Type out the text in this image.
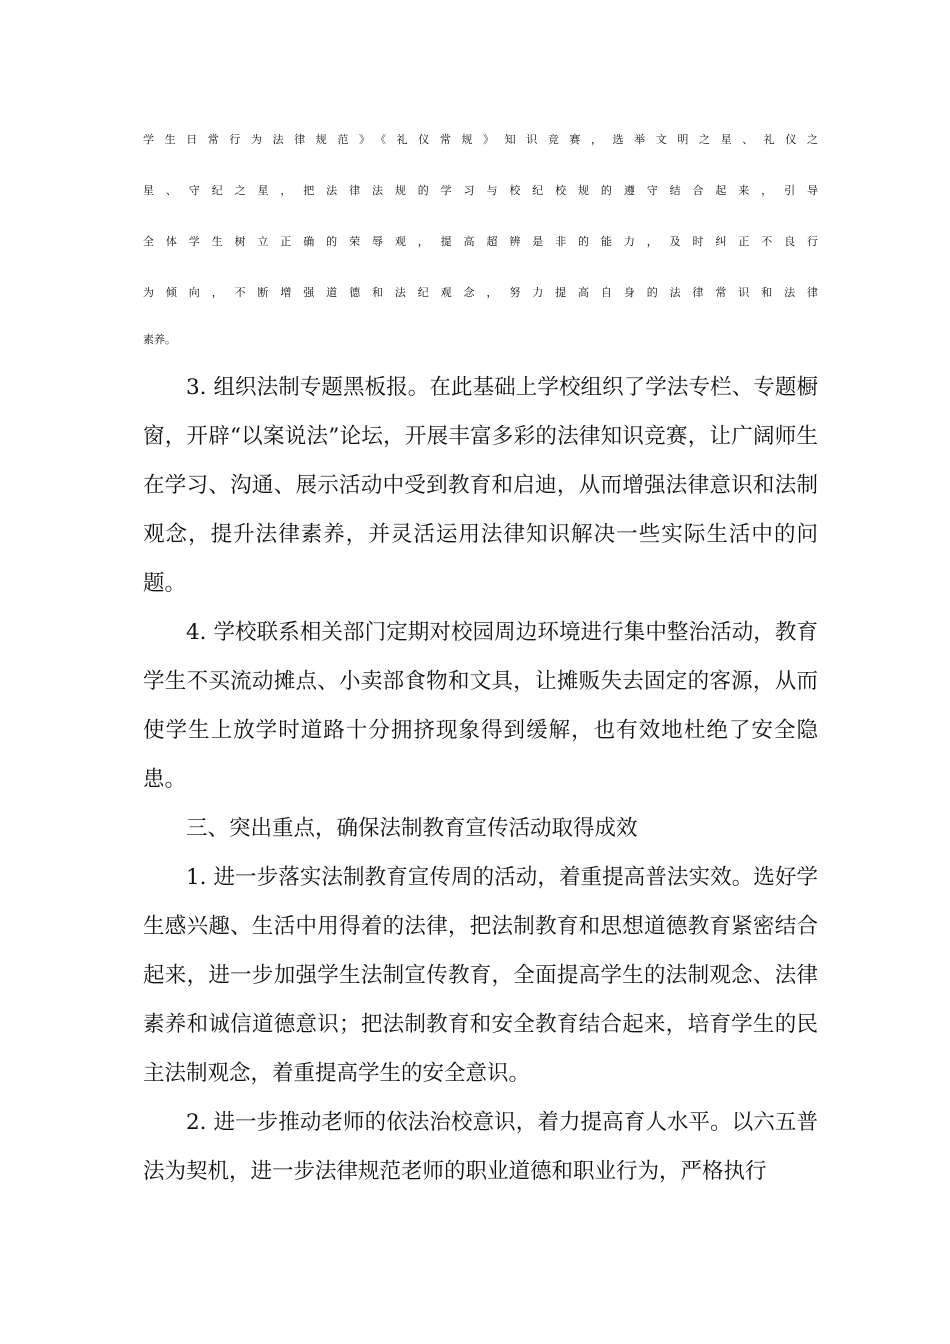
学生日常行为法律规范》《礼仪常规》知识竞赛，选举文明之星、礼仪之
星、守纪之星，把法律法规的学习与校纪校规的遵守结合起来，引导
全体学生树立正确的荣辱观，提高超辨是非的能力，及时纠正不良行
为倾向，不断增强道德和法纪观念，努力提高自身的法律常识和法律
素养。

3. 组织法制专题黑板报。在此基础上学校组织了学法专栏、专题橱窗，开辟“以案说法”论坛，开展丰富多彩的法律知识竞赛，让广阔师生在学习、沟通、展示活动中受到教育和启迪，从而增强法律意识和法制观念，提升法律素养，并灵活运用法律知识解决一些实际生活中的问题。

4. 学校联系相关部门定期对校园周边环境进行集中整治活动，教育学生不买流动摊点、小卖部食物和文具，让摊贩失去固定的客源，从而使学生上放学时道路十分拥挤现象得到缓解，也有效地杜绝了安全隐患。

三、突出重点，确保法制教育宣传活动取得成效

1. 进一步落实法制教育宣传周的活动，着重提高普法实效。选好学生感兴趣、生活中用得着的法律，把法制教育和思想道德教育紧密结合起来，进一步加强学生法制宣传教育，全面提高学生的法制观念、法律素养和诚信道德意识；把法制教育和安全教育结合起来，培育学生的民主法制观念，着重提高学生的安全意识。

2. 进一步推动老师的依法治校意识，着力提高育人水平。以六五普法为契机，进一步法律规范老师的职业道德和职业行为，严格执行
